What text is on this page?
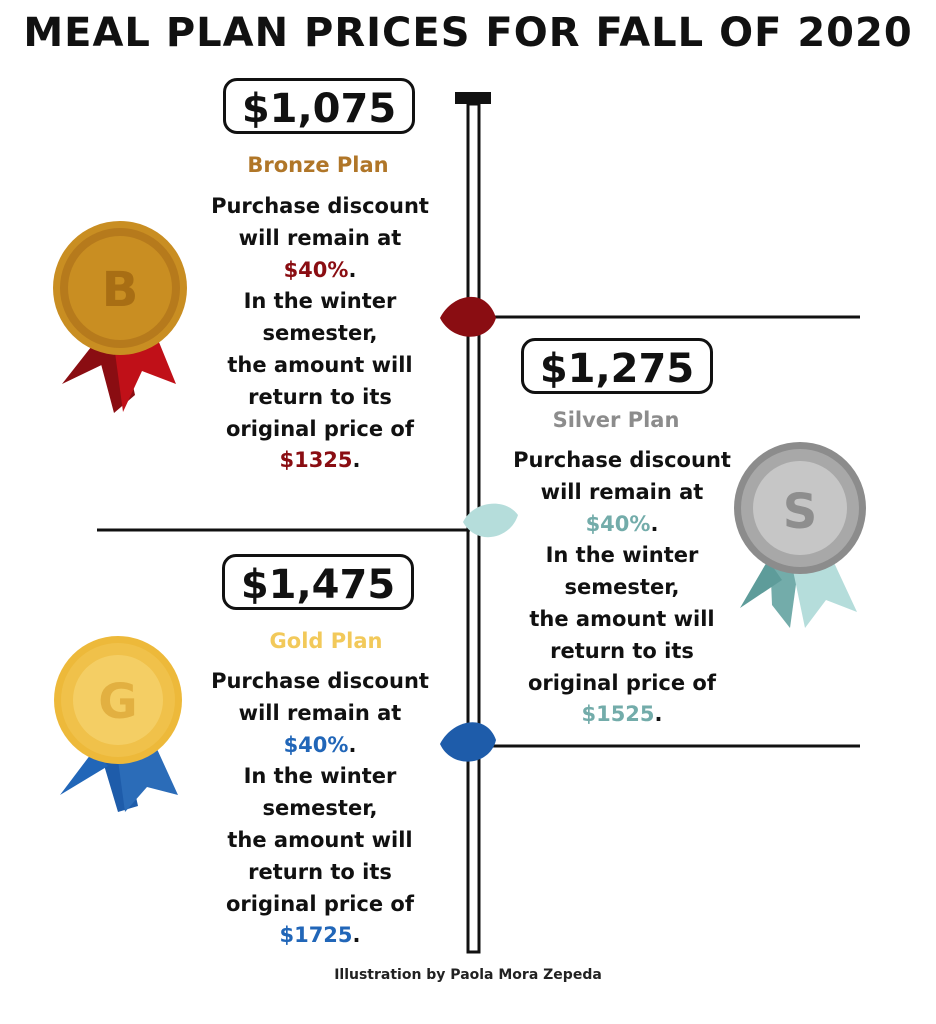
MEAL PLAN PRICES FOR FALL OF 2020
B
S
G
$1,075
Bronze Plan
Purchase discount
will remain at
$40%.
In the winter
semester,
the amount will
return to its
original price of
$1325.
$1,275
Silver Plan
Purchase discount
will remain at
$40%.
In the winter
semester,
the amount will
return to its
original price of
$1525.
$1,475
Gold Plan
Purchase discount
will remain at
$40%.
In the winter
semester,
the amount will
return to its
original price of
$1725.
Illustration by Paola Mora Zepeda
